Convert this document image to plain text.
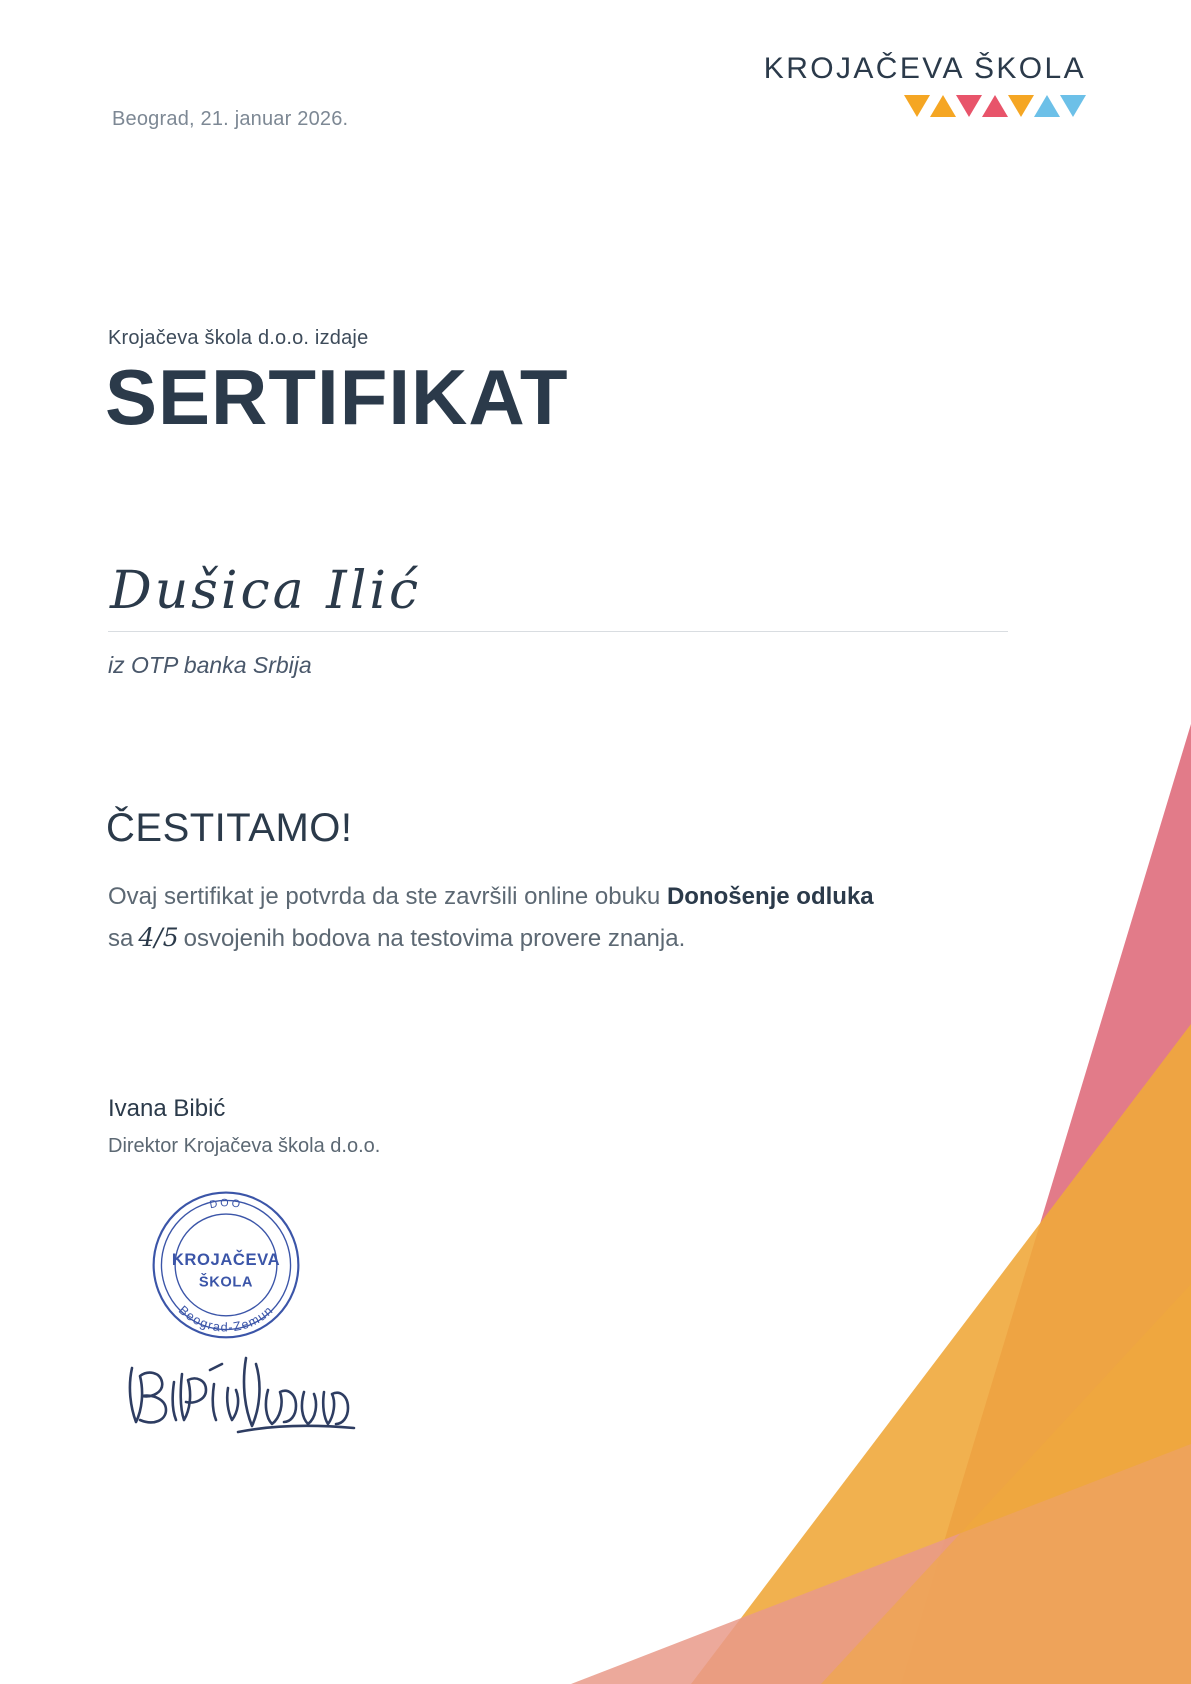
Beograd, 21. januar 2026.
KROJAČEVA ŠKOLA
Krojačeva škola d.o.o. izdaje
SERTIFIKAT
Dušica Ilić
iz OTP banka Srbija
ČESTITAMO!
Ovaj sertifikat je potvrda da ste završili online obuku Donošenje odluka
sa 4/5 osvojenih bodova na testovima provere znanja.
Ivana Bibić
Direktor Krojačeva škola d.o.o.
DOO
KROJAČEVA
ŠKOLA
Beograd-Zemun
